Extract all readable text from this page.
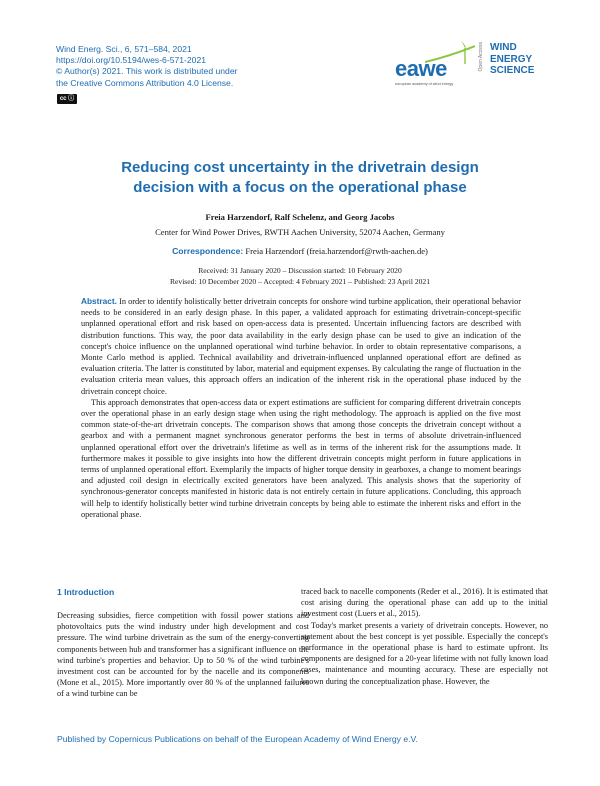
Wind Energ. Sci., 6, 571–584, 2021
https://doi.org/10.5194/wes-6-571-2021
© Author(s) 2021. This work is distributed under
the Creative Commons Attribution 4.0 License.
cc ⓘ
eawe
european academy of wind energy
Open Access WIND
ENERGY
SCIENCE
Reducing cost uncertainty in the drivetrain design
decision with a focus on the operational phase
Freia Harzendorf, Ralf Schelenz, and Georg Jacobs
Center for Wind Power Drives, RWTH Aachen University, 52074 Aachen, Germany
Correspondence: Freia Harzendorf (freia.harzendorf@rwth-aachen.de)
Received: 31 January 2020 – Discussion started: 10 February 2020
Revised: 10 December 2020 – Accepted: 4 February 2021 – Published: 23 April 2021

Abstract. In order to identify holistically better drivetrain concepts for onshore wind turbine application, their operational behavior needs to be considered in an early design phase. In this paper, a validated approach for estimating drivetrain-concept-specific unplanned operational effort and risk based on open-access data is presented. Uncertain influencing factors are described with distribution functions. This way, the poor data availability in the early design phase can be used to give an indication of the concept's choice influence on the unplanned operational wind turbine behavior. In order to obtain representative comparisons, a Monte Carlo method is applied. Technical availability and drivetrain-influenced unplanned operational effort are defined as evaluation criteria. The latter is constituted by labor, material and equipment expenses. By calculating the range of fluctuation in the evaluation criteria mean values, this approach offers an indication of the inherent risk in the operational phase induced by the drivetrain concept choice.

This approach demonstrates that open-access data or expert estimations are sufficient for comparing different drivetrain concepts over the operational phase in an early design stage when using the right methodology. The approach is applied on the five most common state-of-the-art drivetrain concepts. The comparison shows that among those concepts the drivetrain concept without a gearbox and with a permanent magnet synchronous generator performs the best in terms of absolute drivetrain-influenced unplanned operational effort over the drivetrain's lifetime as well as in terms of the inherent risk for the assumptions made. It furthermore makes it possible to give insights into how the different drivetrain concepts might perform in future applications in terms of unplanned operational effort. Exemplarily the impacts of higher torque density in gearboxes, a change to moment bearings and adjusted coil design in electrically excited generators have been analyzed. This analysis shows that the superiority of synchronous-generator concepts manifested in historic data is not entirely certain in future applications. Concluding, this approach will help to identify holistically better wind turbine drivetrain concepts by being able to estimate the inherent risks and effort in the operational phase.

1 Introduction

Decreasing subsidies, fierce competition with fossil power stations and photovoltaics puts the wind industry under high development and cost pressure. The wind turbine drivetrain as the sum of the energy-converting components between hub and transformer has a significant influence on the wind turbine's properties and behavior. Up to 50 % of the wind turbine's investment cost can be accounted for by the nacelle and its components (Mone et al., 2015). More importantly over 80 % of the unplanned failures of a wind turbine can be

traced back to nacelle components (Reder et al., 2016). It is estimated that cost arising during the operational phase can add up to the initial investment cost (Luers et al., 2015).

Today's market presents a variety of drivetrain concepts. However, no statement about the best concept is yet possible. Especially the concept's performance in the operational phase is hard to estimate upfront. Its components are designed for a 20-year lifetime with not fully known load cases, maintenance and mounting accuracy. These are especially not known during the conceptualization phase. However, the

Published by Copernicus Publications on behalf of the European Academy of Wind Energy e.V.
